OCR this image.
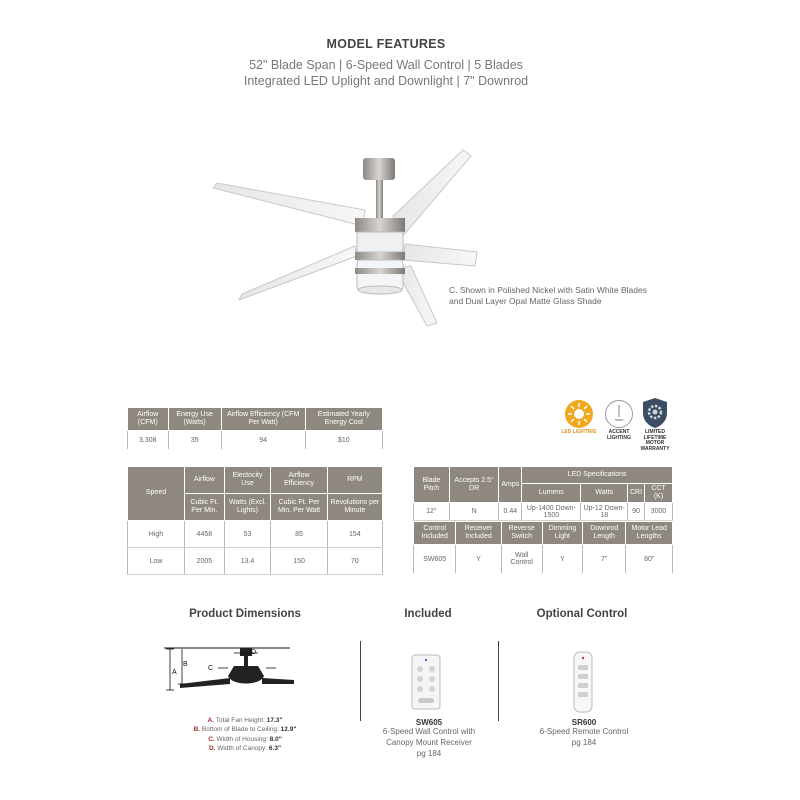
MODEL FEATURES
52" Blade Span | 6-Speed Wall Control | 5 Blades
Integrated LED Uplight and Downlight | 7" Downrod
C. Shown in Polished Nickel with Satin White Blades
and Dual Layer Opal Matte Glass Shade
Airflow (CFM)	Energy Use (Watts)	Airflow Efficiency (CFM Per Watt)	Estimated Yearly Energy Cost
3,308	35	94	$10
LED LIGHTING	ACCENT LIGHTING
LIMITED LIFETIME MOTOR WARRANTY
Speed	Airflow	Electricity Use	Airflow Efficiency	RPM
	Cubic Ft. Per Min.	Watts (Excl. Lights)	Cubic Ft. Per Min. Per Watt	Revolutions per Minute
High	4458	53	85	154
Low	2005	13.4	150	70
Blade Pitch	Accepts 2.5° DR	Amps	LED Specifications			
			Lumens	Watts	CRI	CCT (K)
12°	N	0.44	Up-1400 Down-1500	Up-12 Down-18	90	3000
Control Included	Receiver Included	Reverse Switch	Dimming Light	Downrod Length	Motor Lead Lengths
SW605	Y	Wall Control	Y	7"	80"
Product Dimensions	Included	Optional Control
A
B
C
D
A. Total Fan Height: 17.3"
B. Bottom of Blade to Ceiling: 12.9"
C. Width of Housing: 8.0"
D. Width of Canopy: 6.3"
SW605
6-Speed Wall Control with
Canopy Mount Receiver
pg 184
SR600
6-Speed Remote Control
pg 184
